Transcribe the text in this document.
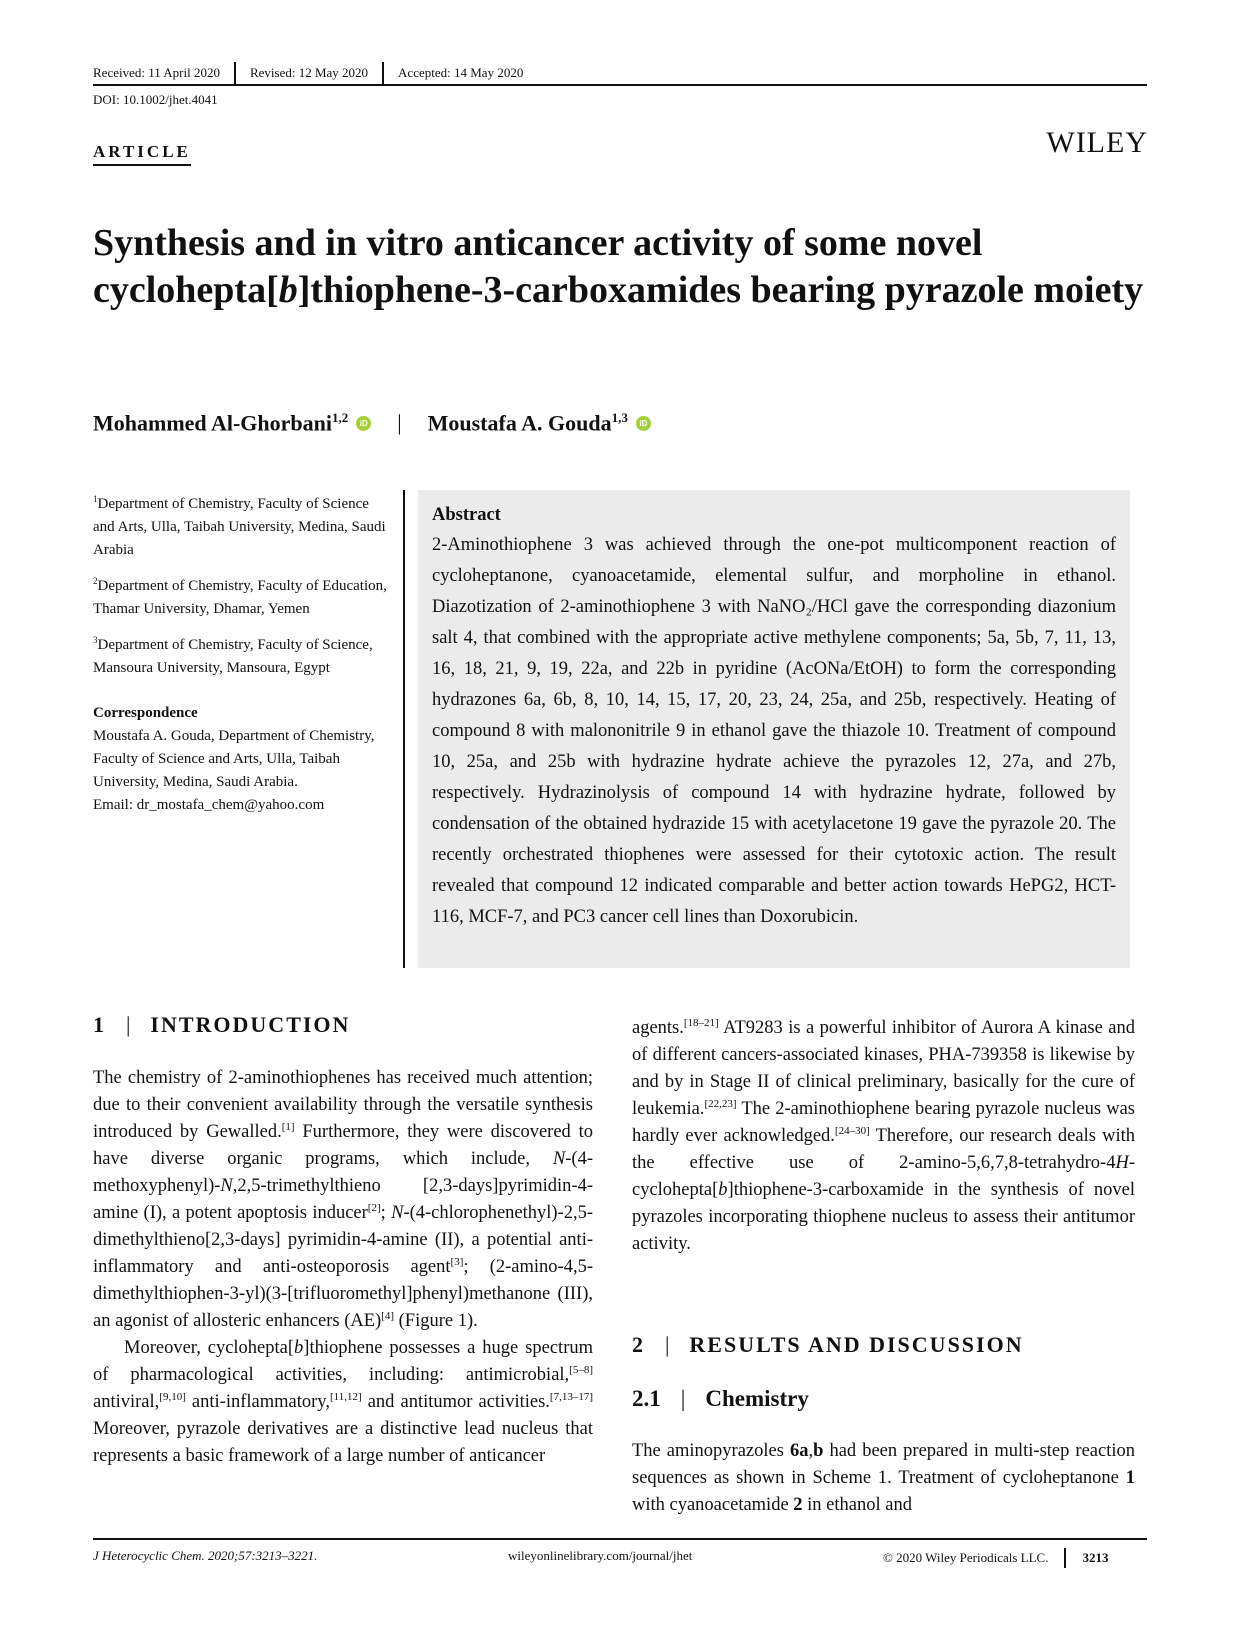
Received: 11 April 2020 Revised: 12 May 2020 Accepted: 14 May 2020
DOI: 10.1002/jhet.4041
ARTICLE	WILEY
Synthesis and in vitro anticancer activity of some novel cyclohepta[b]thiophene-3-carboxamides bearing pyrazole moiety
Mohammed Al-Ghorbani$^{1,2}$	iD | Moustafa A. Gouda$^{1,3}$	iD

$^1$Department of Chemistry, Faculty of Science and Arts, Ulla, Taibah University, Medina, Saudi Arabia

$^2$Department of Chemistry, Faculty of Education, Thamar University, Dhamar, Yemen

$^3$Department of Chemistry, Faculty of Science, Mansoura University, Mansoura, Egypt

Correspondence
Moustafa A. Gouda, Department of Chemistry, Faculty of Science and Arts, Ulla, Taibah University, Medina, Saudi Arabia.
Email: dr_mostafa_chem@yahoo.com
Abstract
2-Aminothiophene 3 was achieved through the one-pot multicomponent reaction of cycloheptanone, cyanoacetamide, elemental sulfur, and morpholine in ethanol. Diazotization of 2-aminothiophene 3 with NaNO₂/HCl gave the corresponding diazonium salt 4, that combined with the appropriate active methylene components; 5a, 5b, 7, 11, 13, 16, 18, 21, 9, 19, 22a, and 22b in pyridine (AcONa/EtOH) to form the corresponding hydrazones 6a, 6b, 8, 10, 14, 15, 17, 20, 23, 24, 25a, and 25b, respectively. Heating of compound 8 with malononitrile 9 in ethanol gave the thiazole 10. Treatment of compound 10, 25a, and 25b with hydrazine hydrate achieve the pyrazoles 12, 27a, and 27b, respectively. Hydrazinolysis of compound 14 with hydrazine hydrate, followed by condensation of the obtained hydrazide 15 with acetylacetone 19 gave the pyrazole 20. The recently orchestrated thiophenes were assessed for their cytotoxic action. The result revealed that compound 12 indicated comparable and better action towards HePG2, HCT-116, MCF-7, and PC3 cancer cell lines than Doxorubicin.
1 | INTRODUCTION
2 | RESULTS AND DISCUSSION
2.1 | Chemistry

The chemistry of 2-aminothiophenes has received much attention; due to their convenient availability through the versatile synthesis introduced by Gewalled.[1] Furthermore, they were discovered to have diverse organic programs, which include, N-(4-methoxyphenyl)-N,2,5-trimethylthieno [2,3-days]pyrimidin-4-amine (I), a potent apoptosis inducer[2]; N-(4-chlorophenethyl)-2,5-dimethylthieno[2,3-days] pyrimidin-4-amine (II), a potential anti-inflammatory and anti-osteoporosis agent[3]; (2-amino-4,5-dimethylthiophen-3-yl)(3-[trifluoromethyl]phenyl)methanone (III), an agonist of allosteric enhancers (AE)[4] (Figure 1).

Moreover, cyclohepta[b]thiophene possesses a huge spectrum of pharmacological activities, including: antimicrobial,[5–8] antiviral,[9,10] anti-inflammatory,[11,12] and antitumor activities.[7,13–17] Moreover, pyrazole derivatives are a distinctive lead nucleus that represents a basic framework of a large number of anticancer

agents.[18–21] AT9283 is a powerful inhibitor of Aurora A kinase and of different cancers-associated kinases, PHA-739358 is likewise by and by in Stage II of clinical preliminary, basically for the cure of leukemia.[22,23] The 2-aminothiophene bearing pyrazole nucleus was hardly ever acknowledged.[24–30] Therefore, our research deals with the effective use of 2-amino-5,6,7,8-tetrahydro-4H-cyclohepta[b]thiophene-3-carboxamide in the synthesis of novel pyrazoles incorporating thiophene nucleus to assess their antitumor activity.

The aminopyrazoles 6a,b had been prepared in multi-step reaction sequences as shown in Scheme 1. Treatment of cycloheptanone 1 with cyanoacetamide 2 in ethanol and

J Heterocyclic Chem. 2020;57:3213–3221.	wileyonlinelibrary.com/journal/jhet	© 2020 Wiley Periodicals LLC.	3213
